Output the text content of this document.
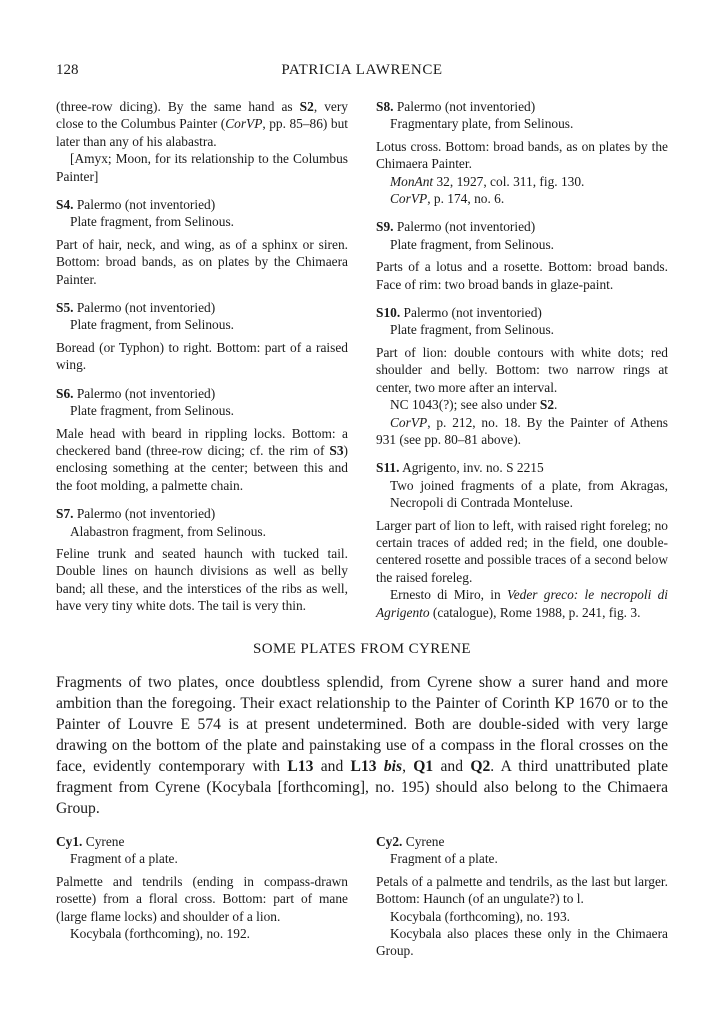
128	PATRICIA LAWRENCE

(three-row dicing). By the same hand as S2, very close to the Columbus Painter (CorVP, pp. 85–86) but later than any of his alabastra.

[Amyx; Moon, for its relationship to the Columbus Painter]

S4. Palermo (not inventoried)

Plate fragment, from Selinous.

Part of hair, neck, and wing, as of a sphinx or siren. Bottom: broad bands, as on plates by the Chimaera Painter.

S5. Palermo (not inventoried)

Plate fragment, from Selinous.

Boread (or Typhon) to right. Bottom: part of a raised wing.

S6. Palermo (not inventoried)

Plate fragment, from Selinous.

Male head with beard in rippling locks. Bottom: a checkered band (three-row dicing; cf. the rim of S3) enclosing something at the center; between this and the foot molding, a palmette chain.

S7. Palermo (not inventoried)

Alabastron fragment, from Selinous.

Feline trunk and seated haunch with tucked tail. Double lines on haunch divisions as well as belly band; all these, and the interstices of the ribs as well, have very tiny white dots. The tail is very thin.

S8. Palermo (not inventoried)

Fragmentary plate, from Selinous.

Lotus cross. Bottom: broad bands, as on plates by the Chimaera Painter.

MonAnt 32, 1927, col. 311, fig. 130.

CorVP, p. 174, no. 6.

S9. Palermo (not inventoried)

Plate fragment, from Selinous.

Parts of a lotus and a rosette. Bottom: broad bands. Face of rim: two broad bands in glaze-paint.

S10. Palermo (not inventoried)

Plate fragment, from Selinous.

Part of lion: double contours with white dots; red shoulder and belly. Bottom: two narrow rings at center, two more after an interval.

NC 1043(?); see also under S2.

CorVP, p. 212, no. 18. By the Painter of Athens 931 (see pp. 80–81 above).

S11. Agrigento, inv. no. S 2215

Two joined fragments of a plate, from Akragas, Necropoli di Contrada Monteluse.

Larger part of lion to left, with raised right foreleg; no certain traces of added red; in the field, one double-centered rosette and possible traces of a second below the raised foreleg.

Ernesto di Miro, in Veder greco: le necropoli di Agrigento (catalogue), Rome 1988, p. 241, fig. 3.

SOME PLATES FROM CYRENE

Fragments of two plates, once doubtless splendid, from Cyrene show a surer hand and more ambition than the foregoing. Their exact relationship to the Painter of Corinth KP 1670 or to the Painter of Louvre E 574 is at present undetermined. Both are double-sided with very large drawing on the bottom of the plate and painstaking use of a compass in the floral crosses on the face, evidently contemporary with L13 and L13 bis, Q1 and Q2. A third unattributed plate fragment from Cyrene (Kocybala [forthcoming], no. 195) should also belong to the Chimaera Group.

Cy1. Cyrene

Fragment of a plate.

Palmette and tendrils (ending in compass-drawn rosette) from a floral cross. Bottom: part of mane (large flame locks) and shoulder of a lion.

Kocybala (forthcoming), no. 192.

Cy2. Cyrene

Fragment of a plate.

Petals of a palmette and tendrils, as the last but larger. Bottom: Haunch (of an ungulate?) to l.

Kocybala (forthcoming), no. 193.

Kocybala also places these only in the Chimaera Group.
